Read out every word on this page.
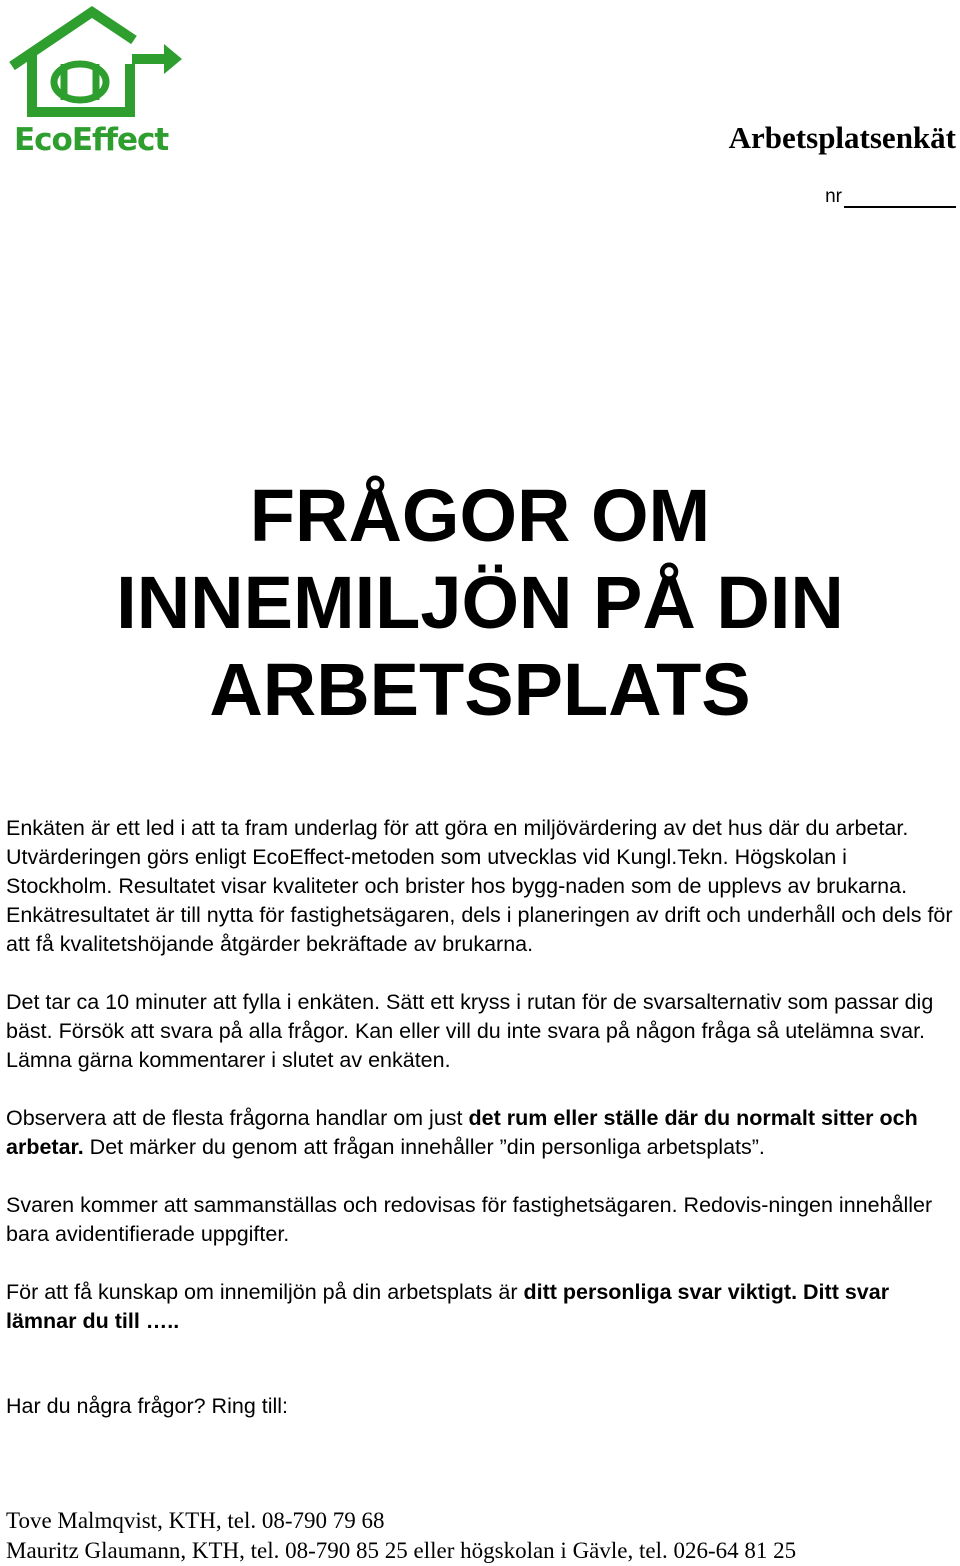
EcoEffect	Arbetsplatsenkät
nr
FRÅGOR OM
INNEMILJÖN PÅ DIN
ARBETSPLATS

Enkäten är ett led i att ta fram underlag för att göra en miljövärdering av det hus där du arbetar. Utvärderingen görs enligt EcoEffect-metoden som utvecklas vid Kungl.Tekn. Högskolan i Stockholm. Resultatet visar kvaliteter och brister hos bygg-naden som de upplevs av brukarna. Enkätresultatet är till nytta för fastighetsägaren, dels i planeringen av drift och underhåll och dels för att få kvalitetshöjande åtgärder bekräftade av brukarna.

Det tar ca 10 minuter att fylla i enkäten. Sätt ett kryss i rutan för de svarsalternativ som passar dig bäst. Försök att svara på alla frågor. Kan eller vill du inte svara på någon fråga så utelämna svar. Lämna gärna kommentarer i slutet av enkäten.

Observera att de flesta frågorna handlar om just det rum eller ställe där du normalt sitter och arbetar. Det märker du genom att frågan innehåller ”din personliga arbetsplats”.

Svaren kommer att sammanställas och redovisas för fastighetsägaren. Redovis-ningen innehåller bara avidentifierade uppgifter.

För att få kunskap om innemiljön på din arbetsplats är ditt personliga svar viktigt. Ditt svar lämnar du till …..

Har du några frågor? Ring till:

Tove Malmqvist, KTH, tel. 08-790 79 68
Mauritz Glaumann, KTH, tel. 08-790 85 25 eller högskolan i Gävle, tel. 026-64 81 25
